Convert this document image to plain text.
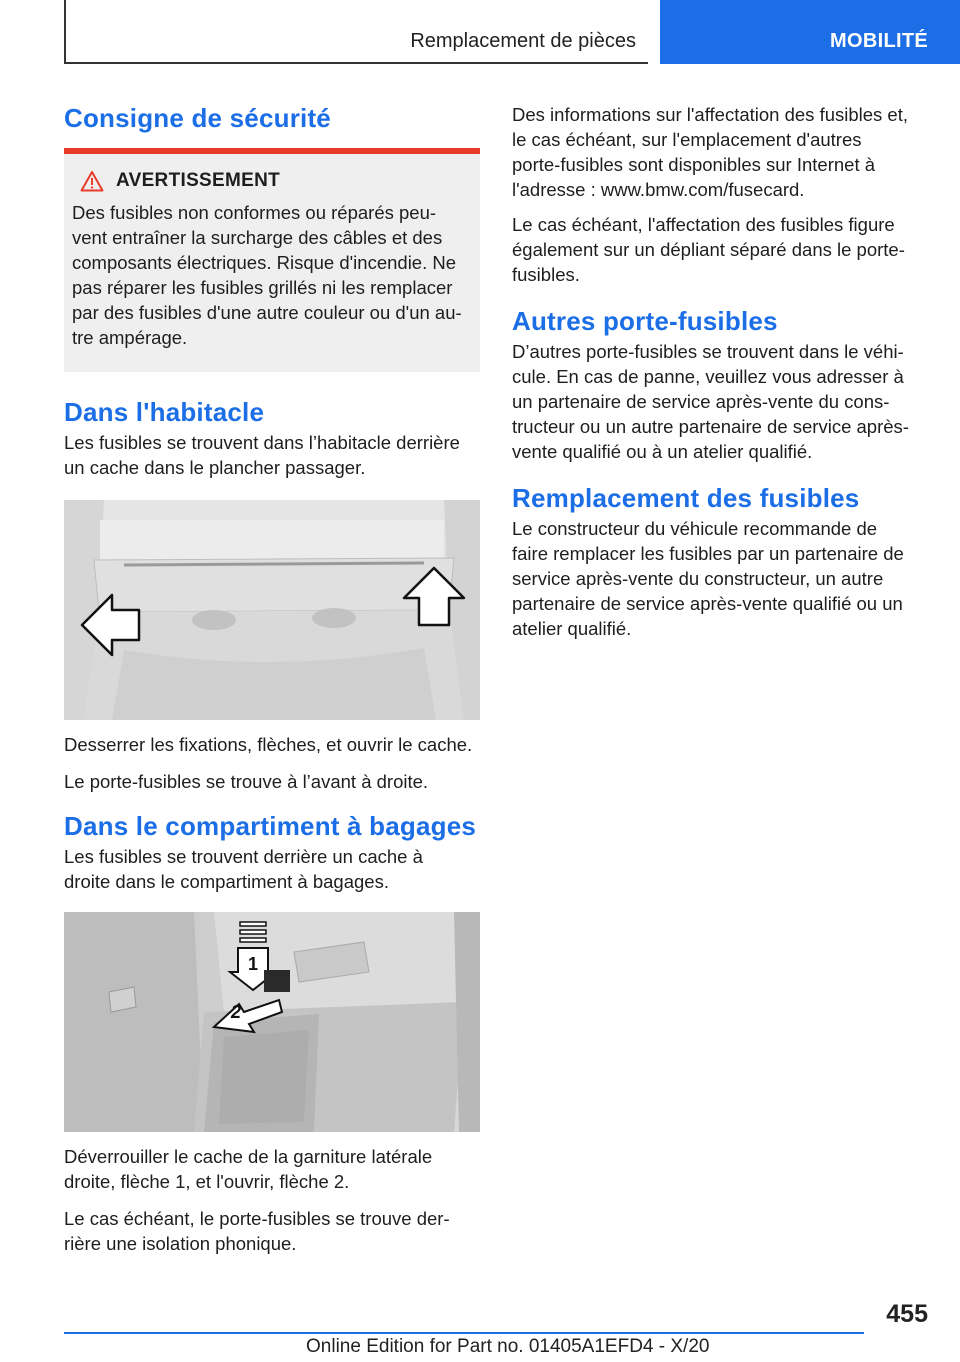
Remplacement de pièces	MOBILITÉ
Consigne de sécurité
AVERTISSEMENT

Des fusibles non conformes ou réparés peu-

vent entraîner la surcharge des câbles et des

composants électriques. Risque d'incendie. Ne

pas réparer les fusibles grillés ni les remplacer

par des fusibles d'une autre couleur ou d'un au-

tre ampérage.

Dans l'habitacle

Les fusibles se trouvent dans l’habitacle derrière

un cache dans le plancher passager.

Desserrer les fixations, flèches, et ouvrir le cache.

Le porte-fusibles se trouve à l’avant à droite.

Dans le compartiment à bagages

Les fusibles se trouvent derrière un cache à

droite dans le compartiment à bagages.

1
2

Déverrouiller le cache de la garniture latérale

droite, flèche 1, et l'ouvrir, flèche 2.

Le cas échéant, le porte-fusibles se trouve der-

rière une isolation phonique.

Des informations sur l'affectation des fusibles et,

le cas échéant, sur l'emplacement d'autres

porte-fusibles sont disponibles sur Internet à

l'adresse : www.bmw.com/fusecard.

Le cas échéant, l'affectation des fusibles figure

également sur un dépliant séparé dans le porte-

fusibles.

Autres porte-fusibles

D’autres porte-fusibles se trouvent dans le véhi-

cule. En cas de panne, veuillez vous adresser à

un partenaire de service après-vente du cons-

tructeur ou un autre partenaire de service après-

vente qualifié ou à un atelier qualifié.

Remplacement des fusibles

Le constructeur du véhicule recommande de

faire remplacer les fusibles par un partenaire de

service après-vente du constructeur, un autre

partenaire de service après-vente qualifié ou un

atelier qualifié.

455
Online Edition for Part no. 01405A1EFD4 - X/20
